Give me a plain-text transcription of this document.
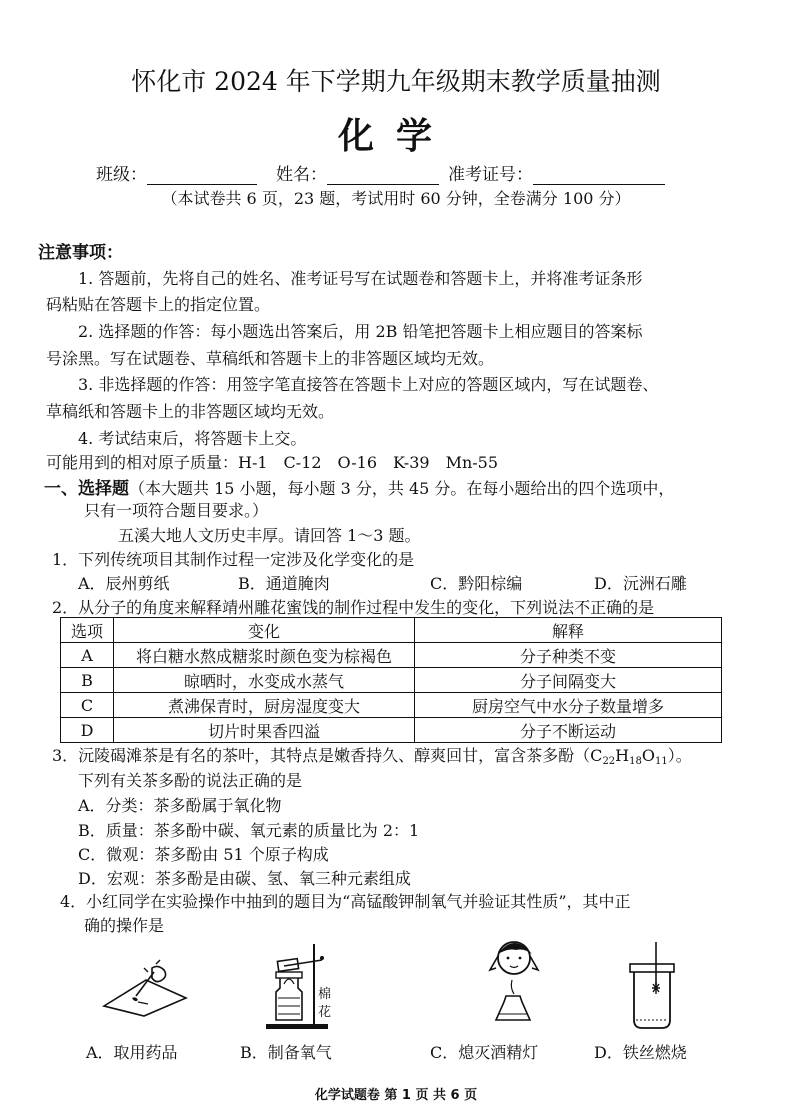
怀化市 2024 年下学期九年级期末教学质量抽测
化学
班级：	姓名：	准考证号：
（本试卷共 6 页，23 题，考试用时 60 分钟，全卷满分 100 分）
注意事项：
1. 答题前，先将自己的姓名、准考证号写在试题卷和答题卡上，并将准考证条形
码粘贴在答题卡上的指定位置。
2. 选择题的作答：每小题选出答案后，用 2B 铅笔把答题卡上相应题目的答案标
号涂黑。写在试题卷、草稿纸和答题卡上的非答题区域均无效。
3. 非选择题的作答：用签字笔直接答在答题卡上对应的答题区域内，写在试题卷、
草稿纸和答题卡上的非答题区域均无效。
4. 考试结束后，将答题卡上交。
可能用到的相对原子质量：H-1　C-12　O-16　K-39　Mn-55
一、选择题（本大题共 15 小题，每小题 3 分，共 45 分。在每小题给出的四个选项中，
只有一项符合题目要求。）
五溪大地人文历史丰厚。请回答 1～3 题。
1．下列传统项目其制作过程一定涉及化学变化的是
A．辰州剪纸	B．通道腌肉	C．黔阳棕编	D．沅洲石雕
2．从分子的角度来解释靖州雕花蜜饯的制作过程中发生的变化，下列说法不正确的是
选项	变化	解释
A	将白糖水熬成糖浆时颜色变为棕褐色	分子种类不变
B	晾晒时，水变成水蒸气	分子间隔变大
C	煮沸保青时，厨房湿度变大	厨房空气中水分子数量增多
D	切片时果香四溢	分子不断运动
3．沅陵碣滩茶是有名的茶叶，其特点是嫩香持久、醇爽回甘，富含茶多酚$(C_{22}H_{18}O_{11})$。
下列有关茶多酚的说法正确的是
A．分类：茶多酚属于氧化物
B．质量：茶多酚中碳、氧元素的质量比为 2：1
C．微观：茶多酚由 51 个原子构成
D．宏观：茶多酚是由碳、氢、氧三种元素组成
4．小红同学在实验操作中抽到的题目为“高锰酸钾制氧气并验证其性质”，其中正
确的操作是
棉
花
A．取用药品	B．制备氧气	C．熄灭酒精灯	D．铁丝燃烧
化学试题卷 第 1 页 共 6 页
